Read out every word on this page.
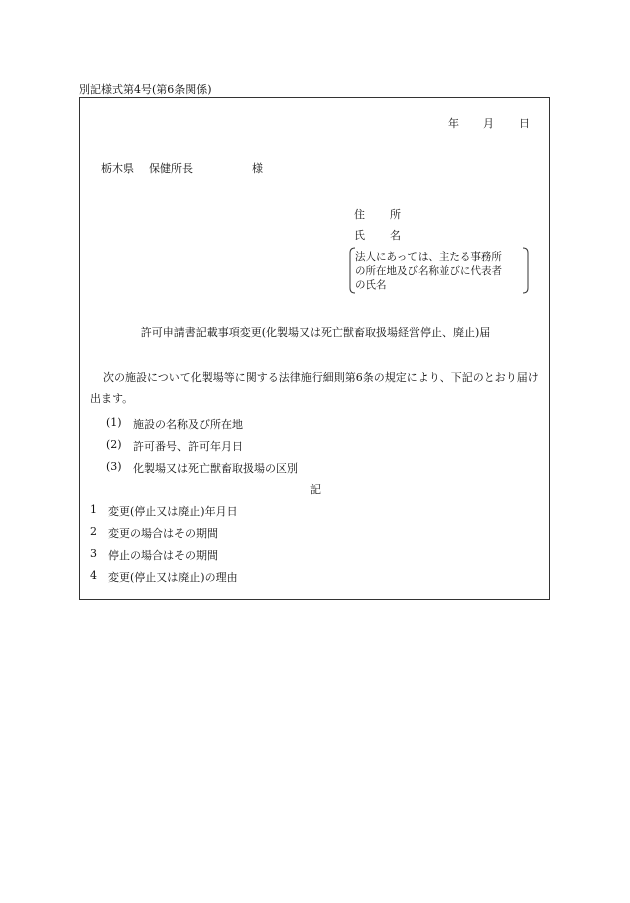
別記様式第4号(第6条関係)
年 月 日
栃木県 保健所長	様
住 所
氏 名
法人にあっては、主たる事務所
の所在地及び名称並びに代表者
の氏名
許可申請書記載事項変更(化製場又は死亡獣畜取扱場経営停止、廃止)届
次の施設について化製場等に関する法律施行細則第6条の規定により、下記のとおり届け出ます。
(1) 施設の名称及び所在地
(2) 許可番号、許可年月日
(3) 化製場又は死亡獣畜取扱場の区別
記
1 変更(停止又は廃止)年月日
2 変更の場合はその期間
3 停止の場合はその期間
4 変更(停止又は廃止)の理由
